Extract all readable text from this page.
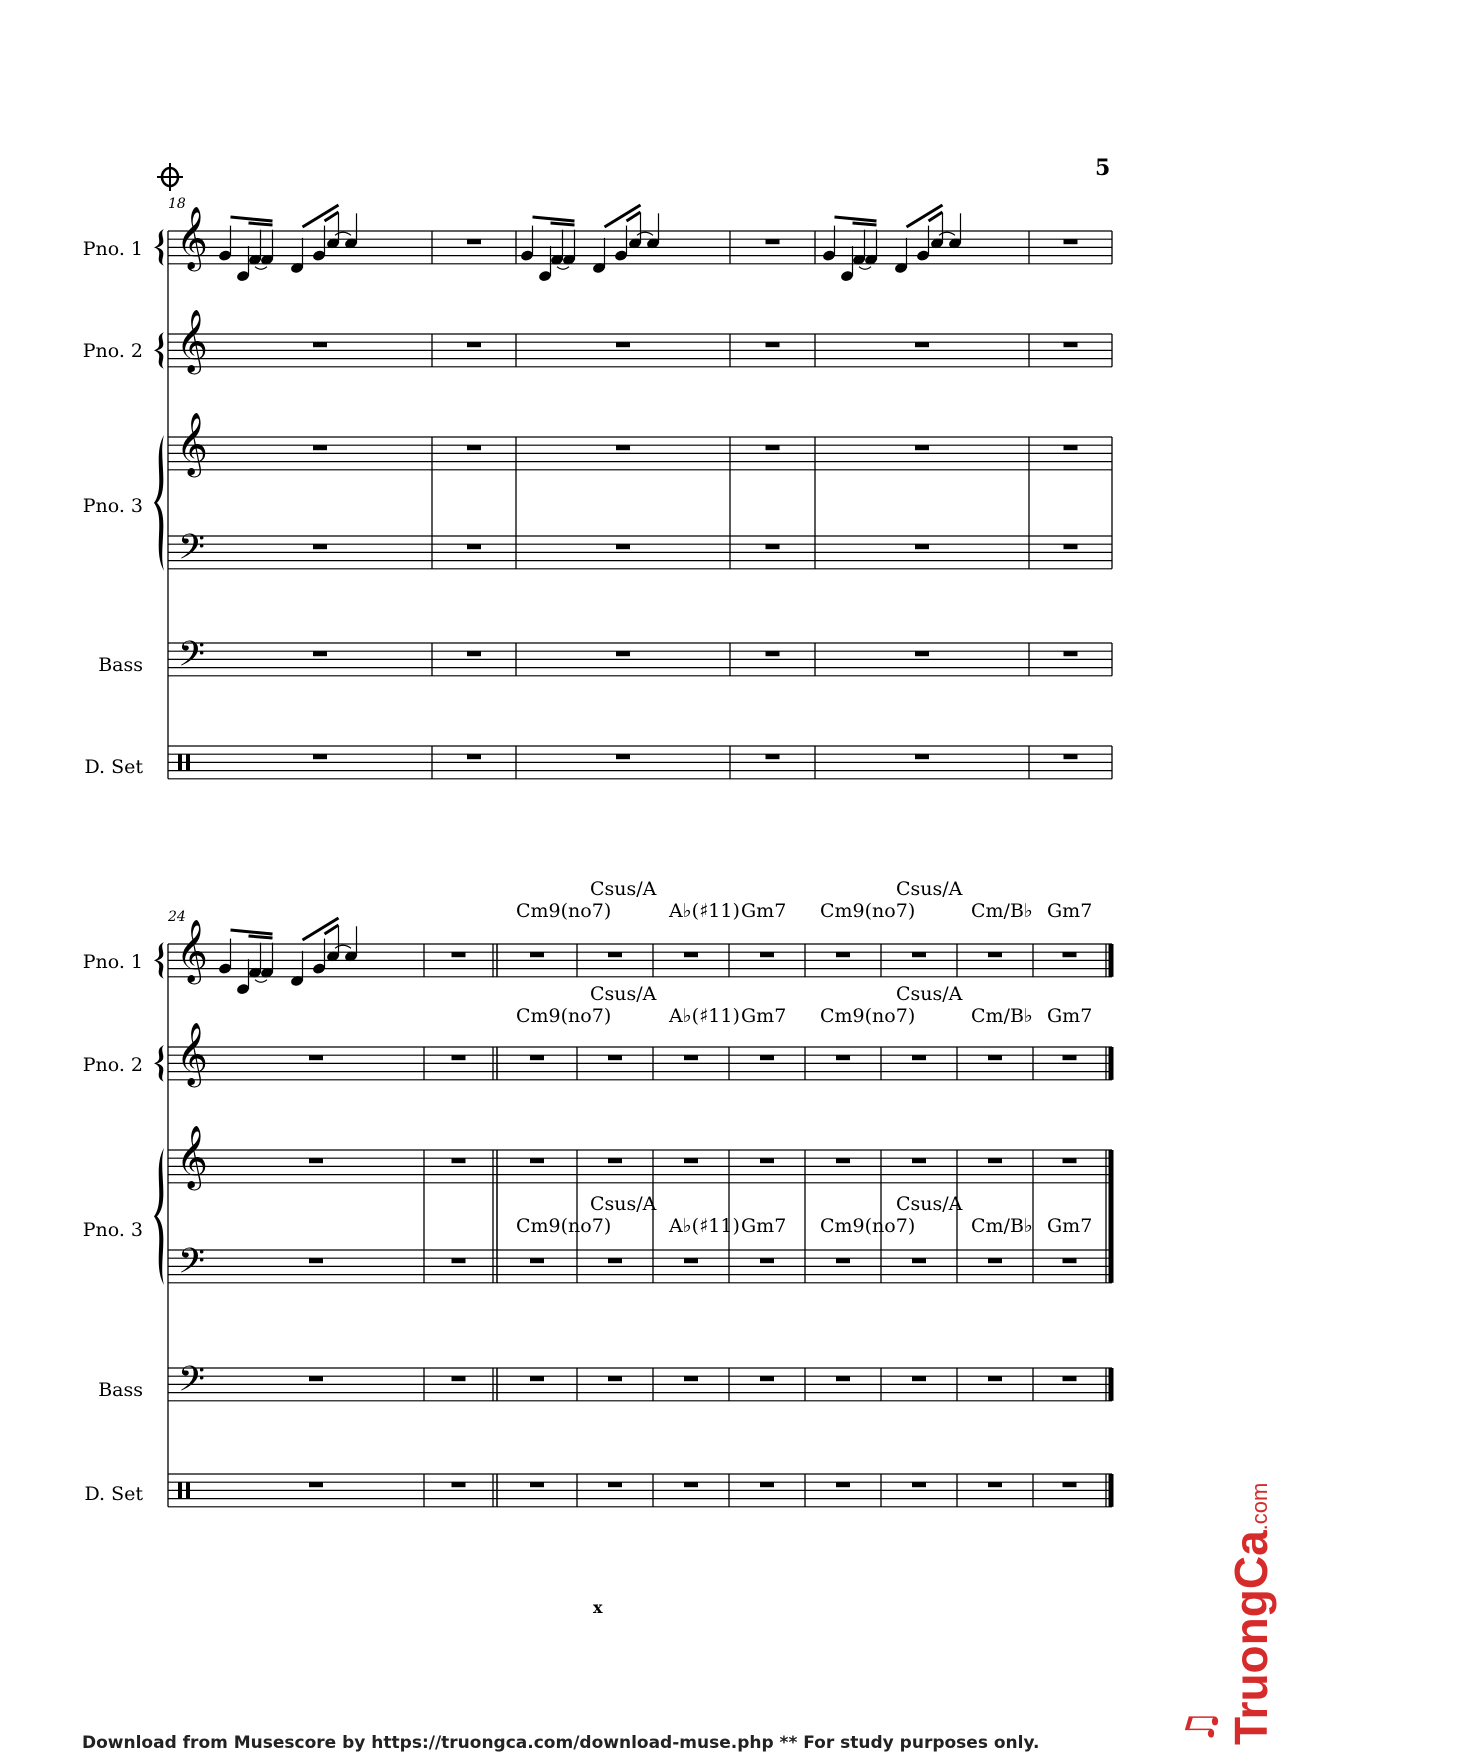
5
x
Download from Musescore by https://truongca.com/download-muse.php ** For study purposes only.	♫ TruongCa.com
𝄞
𝄞
𝄞
𝄢
𝄢
Pno. 1
Pno. 2
Pno. 3
Bass
D. Set
18
𝄞
𝄞
𝄞
𝄢
𝄢
Pno. 1
Pno. 2
Pno. 3
Bass
D. Set
24	Cm9(no7)
Csus/A
A♭(♯11) Gm7 Cm9(no7)
Csus/A
Cm/B♭ Gm7
Cm9(no7)
Csus/A
A♭(♯11) Gm7 Cm9(no7)
Csus/A
Cm/B♭ Gm7
Cm9(no7)
Csus/A
A♭(♯11) Gm7 Cm9(no7)
Csus/A
Cm/B♭ Gm7
